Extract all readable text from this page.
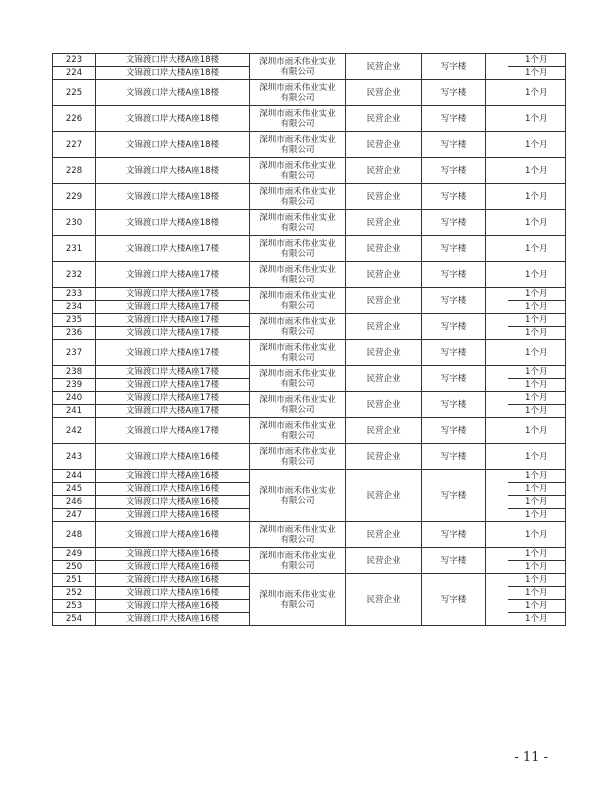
223	文锦渡口岸大楼A座18楼	深圳市雨禾伟业实业
有限公司	民营企业	写字楼		1个月
224	文锦渡口岸大楼A座18楼					1个月
225	文锦渡口岸大楼A座18楼	深圳市雨禾伟业实业
有限公司	民营企业	写字楼		1个月
226	文锦渡口岸大楼A座18楼	深圳市雨禾伟业实业
有限公司	民营企业	写字楼		1个月
227	文锦渡口岸大楼A座18楼	深圳市雨禾伟业实业
有限公司	民营企业	写字楼		1个月
228	文锦渡口岸大楼A座18楼	深圳市雨禾伟业实业
有限公司	民营企业	写字楼		1个月
229	文锦渡口岸大楼A座18楼	深圳市雨禾伟业实业
有限公司	民营企业	写字楼		1个月
230	文锦渡口岸大楼A座18楼	深圳市雨禾伟业实业
有限公司	民营企业	写字楼		1个月
231	文锦渡口岸大楼A座17楼	深圳市雨禾伟业实业
有限公司	民营企业	写字楼		1个月
232	文锦渡口岸大楼A座17楼	深圳市雨禾伟业实业
有限公司	民营企业	写字楼		1个月
233	文锦渡口岸大楼A座17楼	深圳市雨禾伟业实业
有限公司	民营企业	写字楼		1个月
234	文锦渡口岸大楼A座17楼					1个月
235	文锦渡口岸大楼A座17楼	深圳市雨禾伟业实业
有限公司	民营企业	写字楼		1个月
236	文锦渡口岸大楼A座17楼					1个月
237	文锦渡口岸大楼A座17楼	深圳市雨禾伟业实业
有限公司	民营企业	写字楼		1个月
238	文锦渡口岸大楼A座17楼	深圳市雨禾伟业实业
有限公司	民营企业	写字楼		1个月
239	文锦渡口岸大楼A座17楼					1个月
240	文锦渡口岸大楼A座17楼	深圳市雨禾伟业实业
有限公司	民营企业	写字楼		1个月
241	文锦渡口岸大楼A座17楼					1个月
242	文锦渡口岸大楼A座17楼	深圳市雨禾伟业实业
有限公司	民营企业	写字楼		1个月
243	文锦渡口岸大楼A座16楼	深圳市雨禾伟业实业
有限公司	民营企业	写字楼		1个月
244	文锦渡口岸大楼A座16楼	深圳市雨禾伟业实业
有限公司	民营企业	写字楼		1个月
245	文锦渡口岸大楼A座16楼					1个月
246	文锦渡口岸大楼A座16楼					1个月
247	文锦渡口岸大楼A座16楼					1个月
248	文锦渡口岸大楼A座16楼	深圳市雨禾伟业实业
有限公司	民营企业	写字楼		1个月
249	文锦渡口岸大楼A座16楼	深圳市雨禾伟业实业
有限公司	民营企业	写字楼		1个月
250	文锦渡口岸大楼A座16楼					1个月
251	文锦渡口岸大楼A座16楼	深圳市雨禾伟业实业
有限公司	民营企业	写字楼		1个月
252	文锦渡口岸大楼A座16楼					1个月
253	文锦渡口岸大楼A座16楼					1个月
254	文锦渡口岸大楼A座16楼					1个月
- 11 -
